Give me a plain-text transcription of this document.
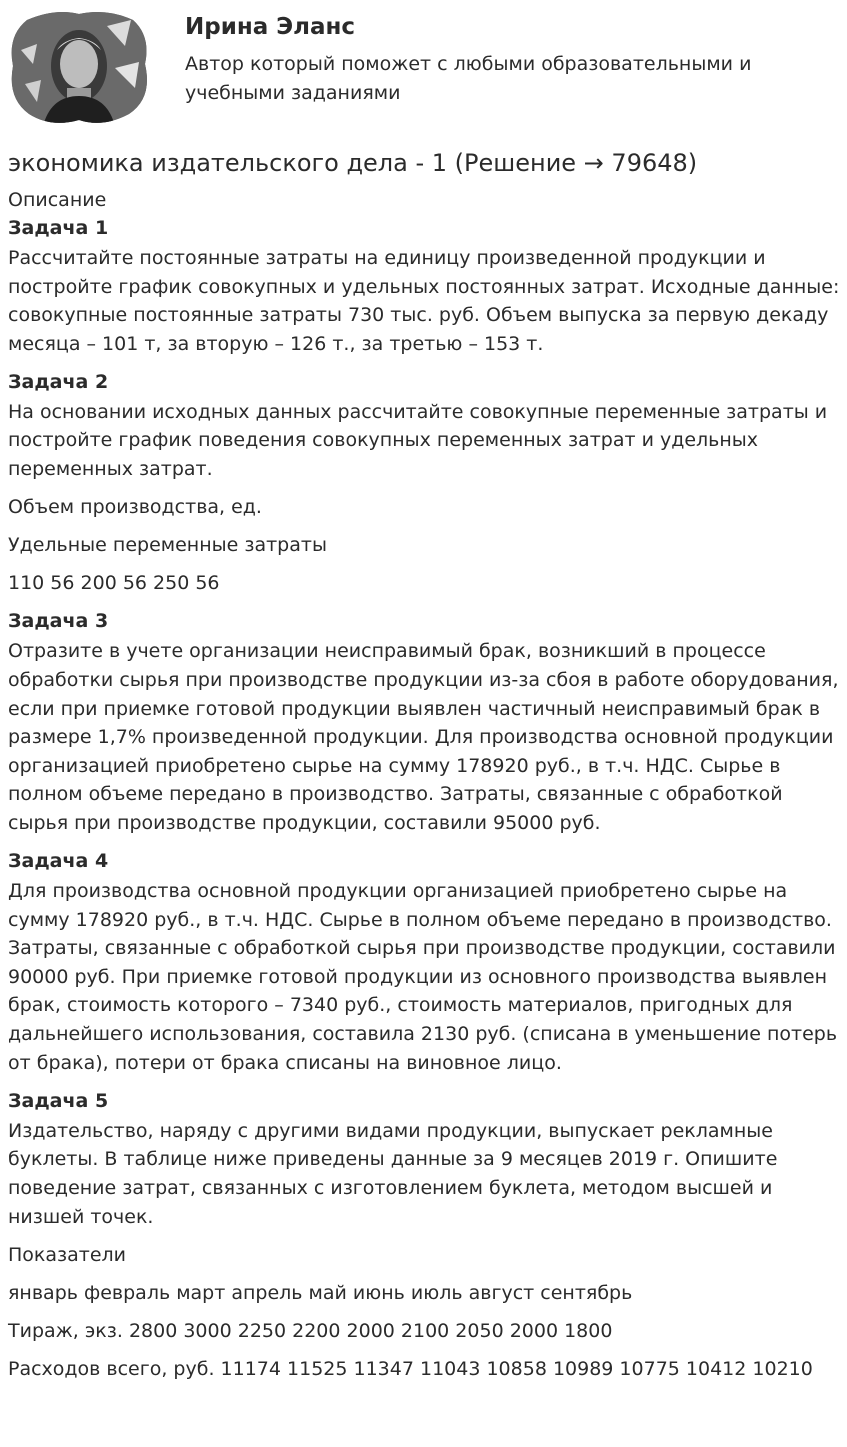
Ирина Эланс
Автор который поможет с любыми образовательными и учебными заданиями
экономика издательского дела - 1 (Решение → 79648)
Описание
Задача 1

Рассчитайте постоянные затраты на единицу произведенной продукции и постройте график совокупных и удельных постоянных затрат. Исходные данные: совокупные постоянные затраты 730 тыс. руб. Объем выпуска за первую декаду месяца – 101 т, за вторую – 126 т., за третью – 153 т.

Задача 2

На основании исходных данных рассчитайте совокупные переменные затраты и постройте график поведения совокупных переменных затрат и удельных переменных затрат.

Объем производства, ед.

Удельные переменные затраты

110 56 200 56 250 56

Задача 3

Отразите в учете организации неисправимый брак, возникший в процессе обработки сырья при производстве продукции из-за сбоя в работе оборудования, если при приемке готовой продукции выявлен частичный неисправимый брак в размере 1,7% произведенной продукции. Для производства основной продукции организацией приобретено сырье на сумму 178920 руб., в т.ч. НДС. Сырье в полном объеме передано в производство. Затраты, связанные с обработкой сырья при производстве продукции, составили 95000 руб.

Задача 4

Для производства основной продукции организацией приобретено сырье на сумму 178920 руб., в т.ч. НДС. Сырье в полном объеме передано в производство. Затраты, связанные с обработкой сырья при производстве продукции, составили 90000 руб. При приемке готовой продукции из основного производства выявлен брак, стоимость которого – 7340 руб., стоимость материалов, пригодных для дальнейшего использования, составила 2130 руб. (списана в уменьшение потерь от брака), потери от брака списаны на виновное лицо.

Задача 5

Издательство, наряду с другими видами продукции, выпускает рекламные буклеты. В таблице ниже приведены данные за 9 месяцев 2019 г. Опишите поведение затрат, связанных с изготовлением буклета, методом высшей и низшей точек.

Показатели

январь февраль март апрель май июнь июль август сентябрь

Тираж, экз. 2800 3000 2250 2200 2000 2100 2050 2000 1800

Расходов всего, руб. 11174 11525 11347 11043 10858 10989 10775 10412 10210
